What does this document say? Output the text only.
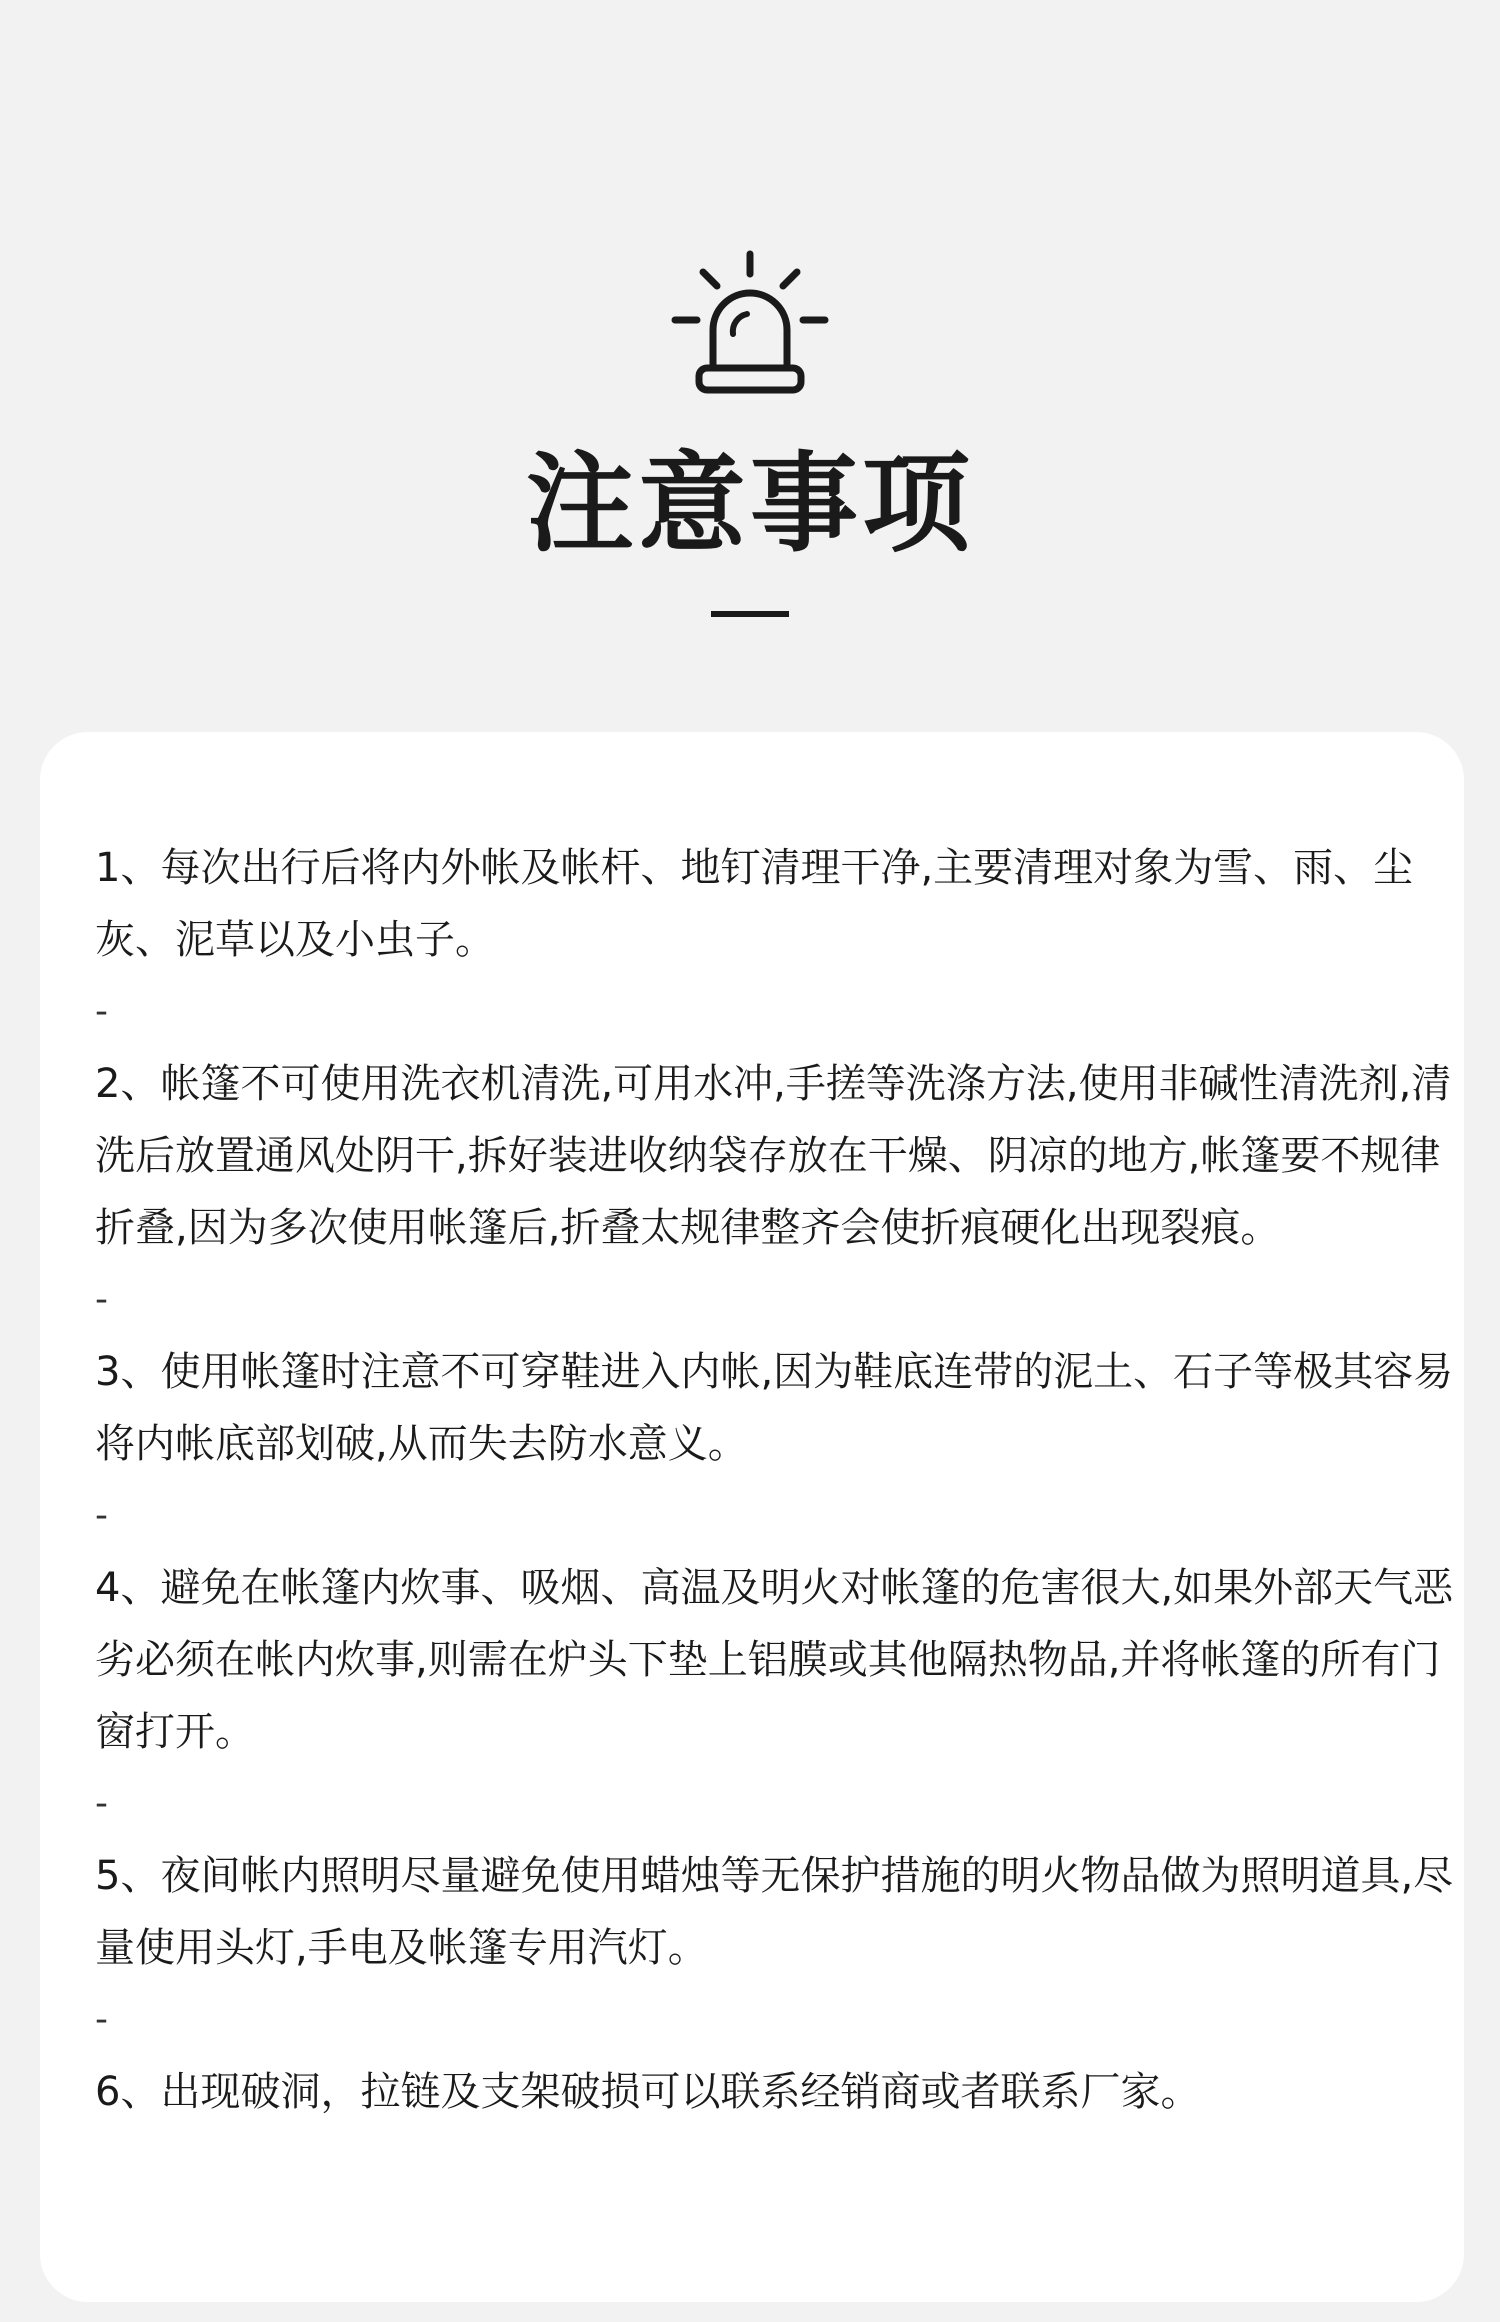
注意事项

1、每次出行后将内外帐及帐杆、地钉清理干净,主要清理对象为雪、雨、尘灰、泥草以及小虫子。

-

2、帐篷不可使用洗衣机清洗,可用水冲,手搓等洗涤方法,使用非碱性清洗剂,清洗后放置通风处阴干,拆好装进收纳袋存放在干燥、阴凉的地方,帐篷要不规律折叠,因为多次使用帐篷后,折叠太规律整齐会使折痕硬化出现裂痕。

-

3、使用帐篷时注意不可穿鞋进入内帐,因为鞋底连带的泥土、石子等极其容易将内帐底部划破,从而失去防水意义。

-

4、避免在帐篷内炊事、吸烟、高温及明火对帐篷的危害很大,如果外部天气恶劣必须在帐内炊事,则需在炉头下垫上铝膜或其他隔热物品,并将帐篷的所有门窗打开。

-

5、夜间帐内照明尽量避免使用蜡烛等无保护措施的明火物品做为照明道具,尽量使用头灯,手电及帐篷专用汽灯。

-

6、出现破洞，拉链及支架破损可以联系经销商或者联系厂家。
